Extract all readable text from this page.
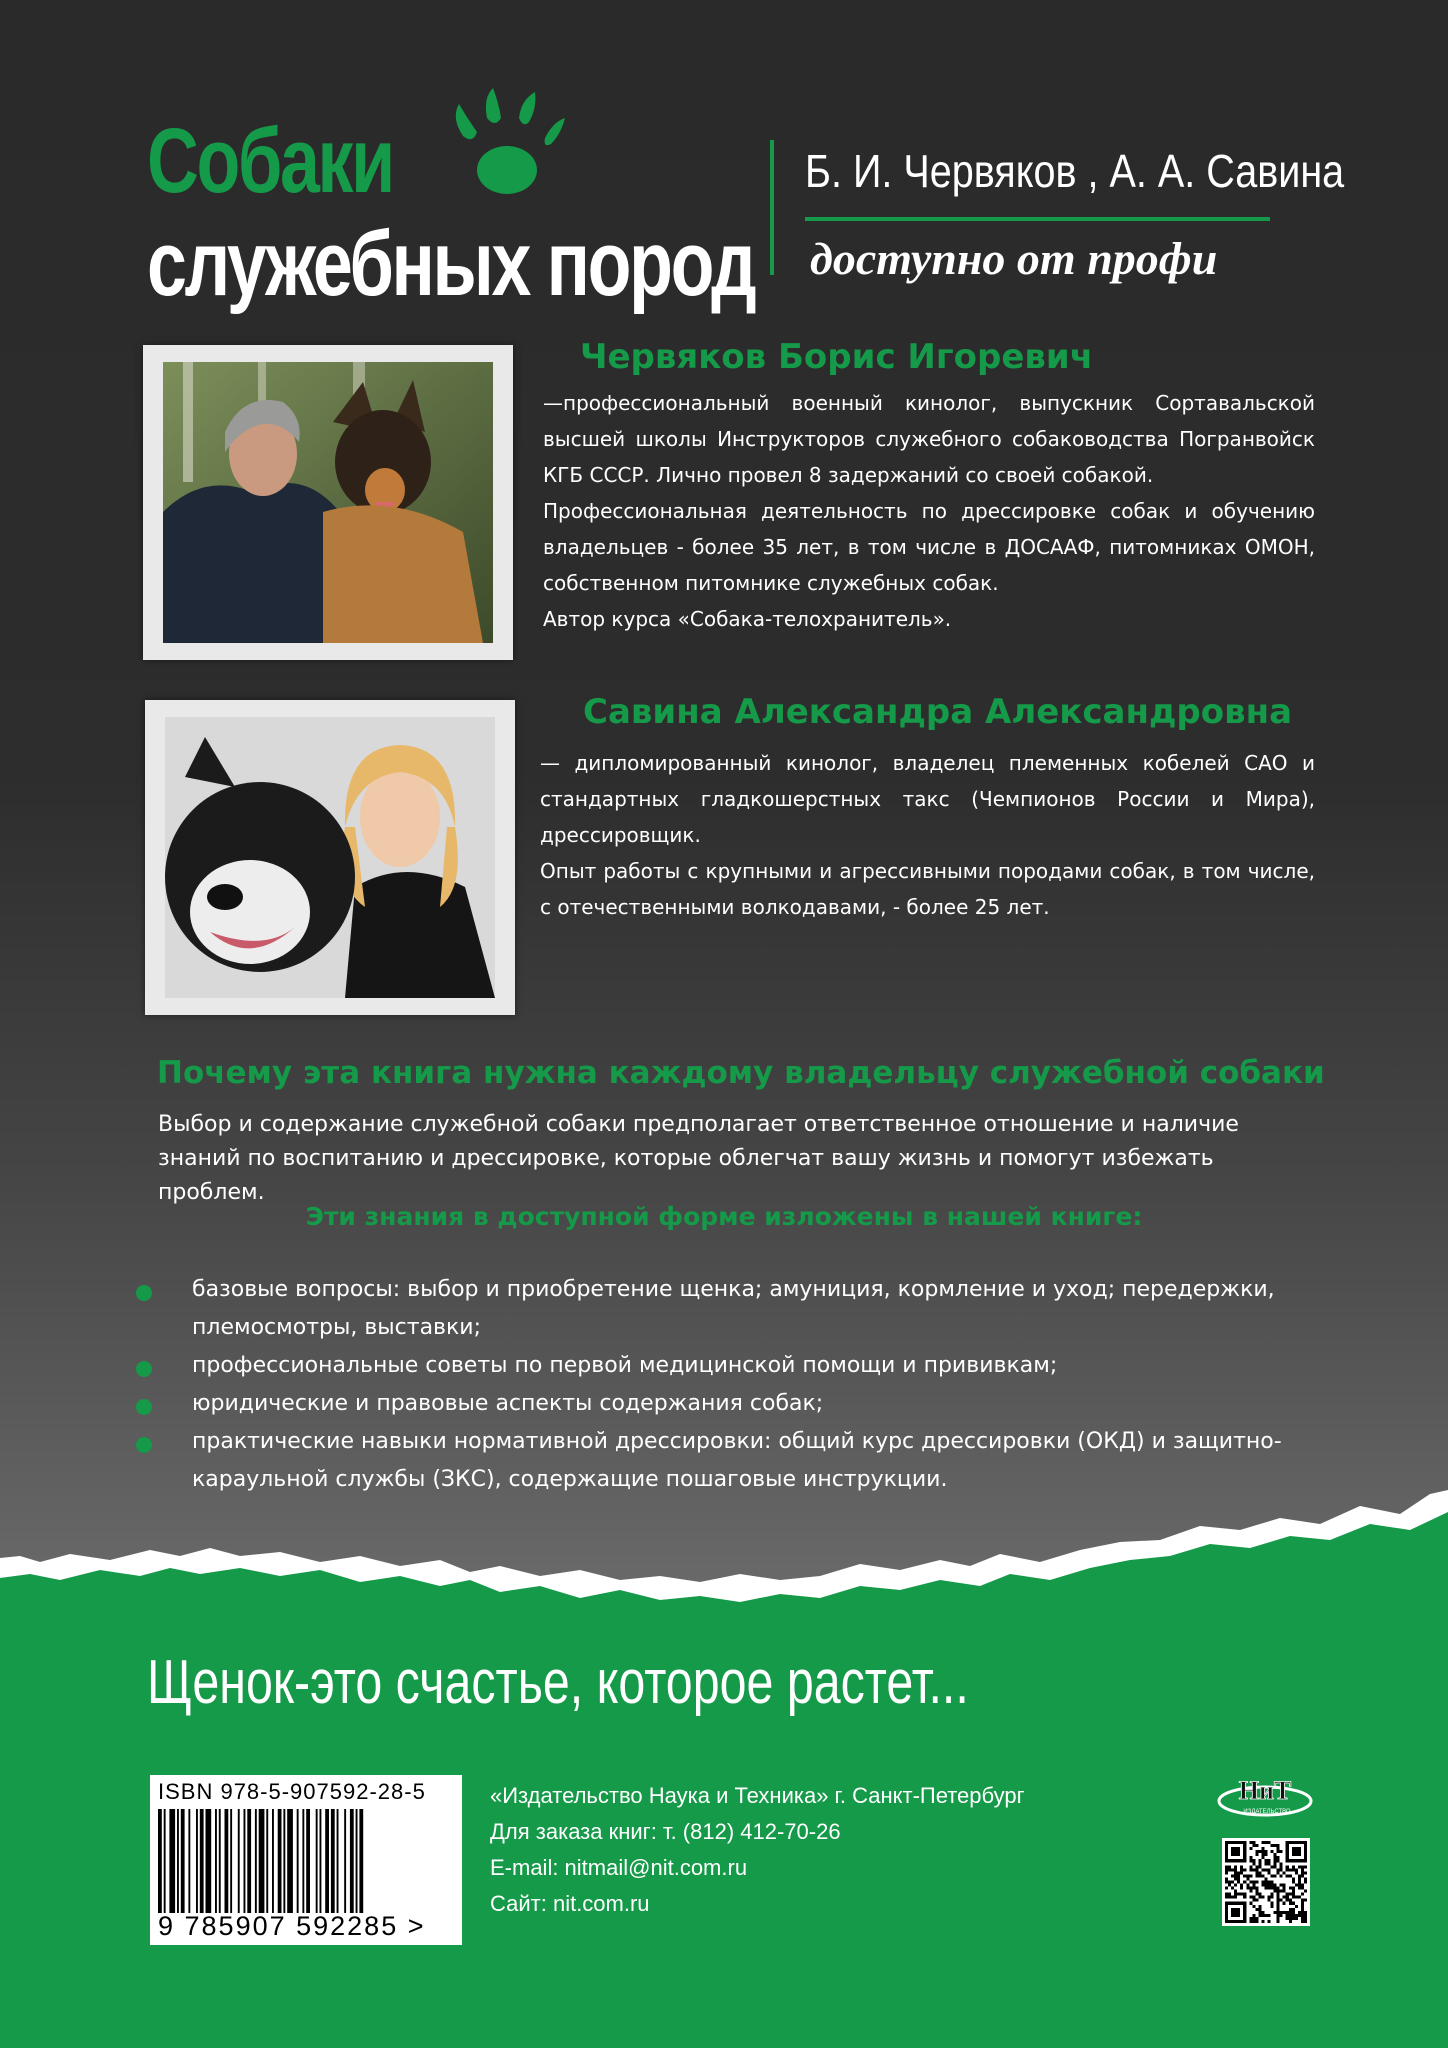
Собаки
служебных пород
Б. И. Червяков , А. А. Савина
доступно от профи
Червяков Борис Игоревич

—профессиональный военный кинолог, выпускник Сортавальской высшей школы Инструкторов служебного собаководства Погранвойск КГБ СССР. Лично провел 8 задержаний со своей собакой.

Профессиональная деятельность по дрессировке собак и обучению владельцев - более 35 лет, в том числе в ДОСААФ, питомниках ОМОН, собственном питомнике служебных собак.

Автор курса «Собака-телохранитель».

Савина Александра Александровна

— дипломированный кинолог, владелец племенных кобелей САО и стандартных гладкошерстных такс (Чемпионов России и Мира), дрессировщик.

Опыт работы с крупными и агрессивными породами собак, в том числе, с отечественными волкодавами, - более 25 лет.

Почему эта книга нужна каждому владельцу служебной собаки
Выбор и содержание служебной собаки предполагает ответственное отношение и наличие знаний по воспитанию и дрессировке, которые облегчат вашу жизнь и помогут избежать проблем.
Эти знания в доступной форме изложены в нашей книге:
базовые вопросы: выбор и приобретение щенка; амуниция, кормление и уход; передержки, племосмотры, выставки;
профессиональные советы по первой медицинской помощи и прививкам;
юридические и правовые аспекты содержания собак;
практические навыки нормативной дрессировки: общий курс дрессировки (ОКД) и защитно-караульной службы (ЗКС), содержащие пошаговые инструкции.
Щенок-это счастье, которое растет...
ISBN 978-5-907592-28-5
9 785907 592285 >
«Издательство Наука и Техника» г. Санкт-Петербург
Для заказа книг: т. (812) 412-70-26
E-mail: nitmail@nit.com.ru
Сайт: nit.com.ru
НиТ
ИЗДАТЕЛЬСТВО
